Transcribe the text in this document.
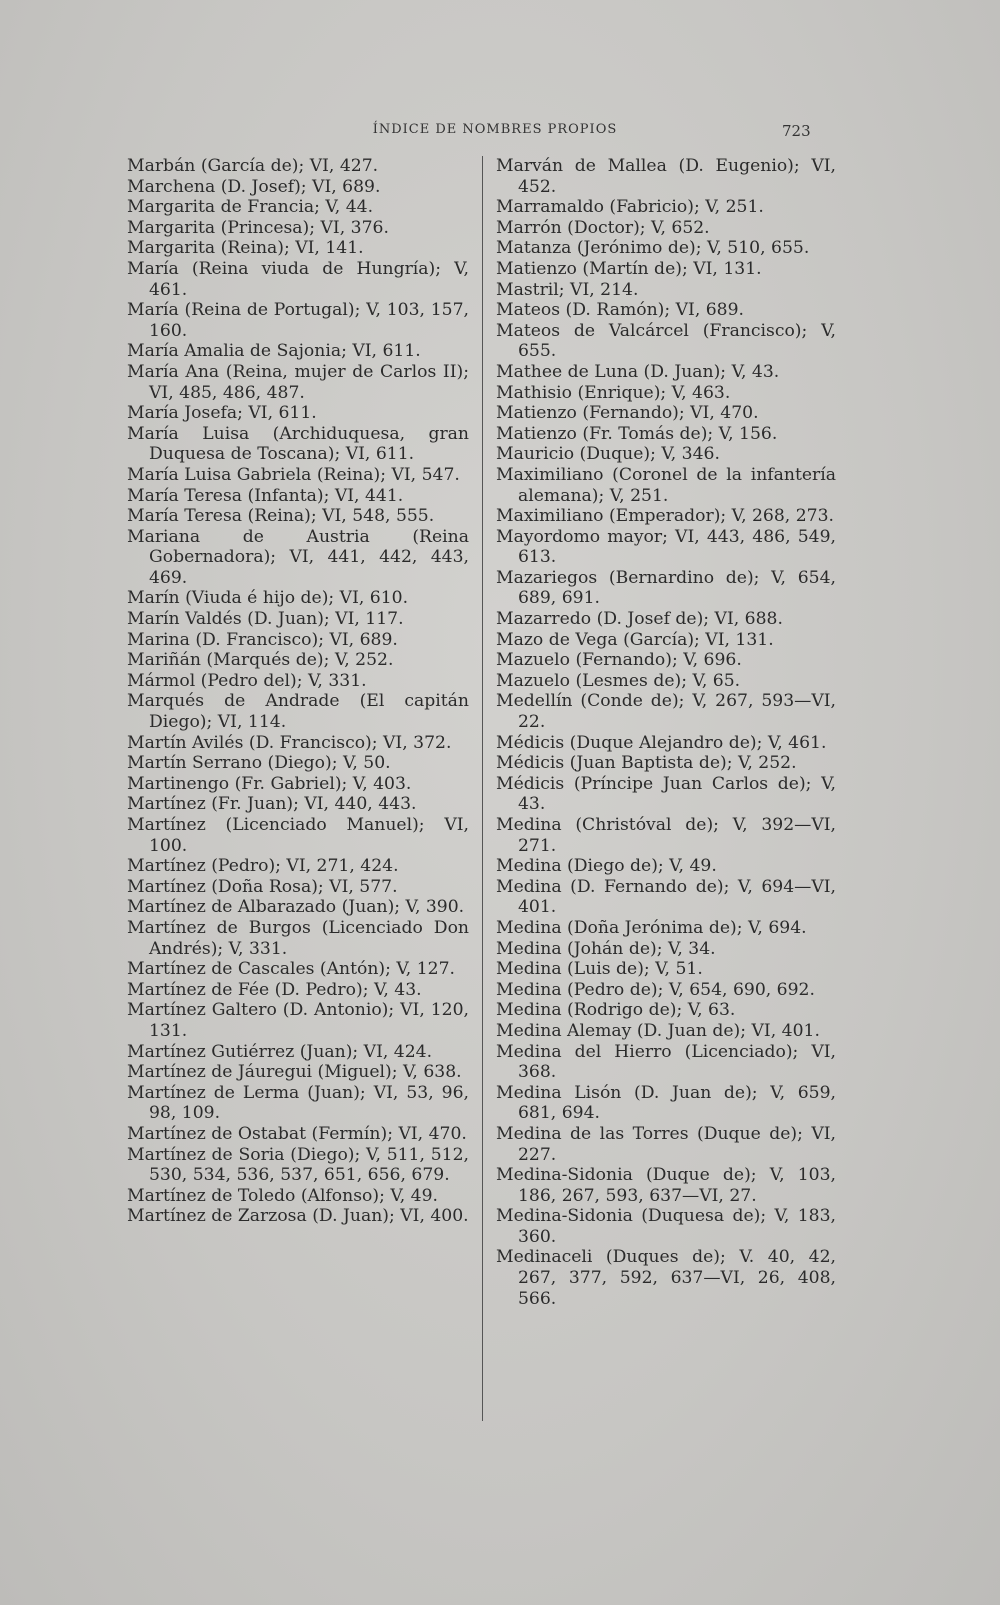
ÍNDICE DE NOMBRES PROPIOS	723

Marbán (García de); VI, 427.

Marchena (D. Josef); VI, 689.

Margarita de Francia; V, 44.

Margarita (Princesa); VI, 376.

Margarita (Reina); VI, 141.

María (Reina viuda de Hungría); V, 461.

María (Reina de Portugal); V, 103, 157, 160.

María Amalia de Sajonia; VI, 611.

María Ana (Reina, mujer de Carlos II); VI, 485, 486, 487.

María Josefa; VI, 611.

María Luisa (Archiduquesa, gran Duquesa de Toscana); VI, 611.

María Luisa Gabriela (Reina); VI, 547.

María Teresa (Infanta); VI, 441.

María Teresa (Reina); VI, 548, 555.

Mariana de Austria (Reina Gobernadora); VI, 441, 442, 443, 469.

Marín (Viuda é hijo de); VI, 610.

Marín Valdés (D. Juan); VI, 117.

Marina (D. Francisco); VI, 689.

Mariñán (Marqués de); V, 252.

Mármol (Pedro del); V, 331.

Marqués de Andrade (El capitán Diego); VI, 114.

Martín Avilés (D. Francisco); VI, 372.

Martín Serrano (Diego); V, 50.

Martinengo (Fr. Gabriel); V, 403.

Martínez (Fr. Juan); VI, 440, 443.

Martínez (Licenciado Manuel); VI, 100.

Martínez (Pedro); VI, 271, 424.

Martínez (Doña Rosa); VI, 577.

Martínez de Albarazado (Juan); V, 390.

Martínez de Burgos (Licenciado Don Andrés); V, 331.

Martínez de Cascales (Antón); V, 127.

Martínez de Fée (D. Pedro); V, 43.

Martínez Galtero (D. Antonio); VI, 120, 131.

Martínez Gutiérrez (Juan); VI, 424.

Martínez de Jáuregui (Miguel); V, 638.

Martínez de Lerma (Juan); VI, 53, 96, 98, 109.

Martínez de Ostabat (Fermín); VI, 470.

Martínez de Soria (Diego); V, 511, 512, 530, 534, 536, 537, 651, 656, 679.

Martínez de Toledo (Alfonso); V, 49.

Martínez de Zarzosa (D. Juan); VI, 400.

Marván de Mallea (D. Eugenio); VI, 452.

Marramaldo (Fabricio); V, 251.

Marrón (Doctor); V, 652.

Matanza (Jerónimo de); V, 510, 655.

Matienzo (Martín de); VI, 131.

Mastril; VI, 214.

Mateos (D. Ramón); VI, 689.

Mateos de Valcárcel (Francisco); V, 655.

Mathee de Luna (D. Juan); V, 43.

Mathisio (Enrique); V, 463.

Matienzo (Fernando); VI, 470.

Matienzo (Fr. Tomás de); V, 156.

Mauricio (Duque); V, 346.

Maximiliano (Coronel de la infantería alemana); V, 251.

Maximiliano (Emperador); V, 268, 273.

Mayordomo mayor; VI, 443, 486, 549, 613.

Mazariegos (Bernardino de); V, 654, 689, 691.

Mazarredo (D. Josef de); VI, 688.

Mazo de Vega (García); VI, 131.

Mazuelo (Fernando); V, 696.

Mazuelo (Lesmes de); V, 65.

Medellín (Conde de); V, 267, 593—VI, 22.

Médicis (Duque Alejandro de); V, 461.

Médicis (Juan Baptista de); V, 252.

Médicis (Príncipe Juan Carlos de); V, 43.

Medina (Christóval de); V, 392—VI, 271.

Medina (Diego de); V, 49.

Medina (D. Fernando de); V, 694—VI, 401.

Medina (Doña Jerónima de); V, 694.

Medina (Johán de); V, 34.

Medina (Luis de); V, 51.

Medina (Pedro de); V, 654, 690, 692.

Medina (Rodrigo de); V, 63.

Medina Alemay (D. Juan de); VI, 401.

Medina del Hierro (Licenciado); VI, 368.

Medina Lisón (D. Juan de); V, 659, 681, 694.

Medina de las Torres (Duque de); VI, 227.

Medina-Sidonia (Duque de); V, 103, 186, 267, 593, 637—VI, 27.

Medina-Sidonia (Duquesa de); V, 183, 360.

Medinaceli (Duques de); V. 40, 42, 267, 377, 592, 637—VI, 26, 408, 566.
